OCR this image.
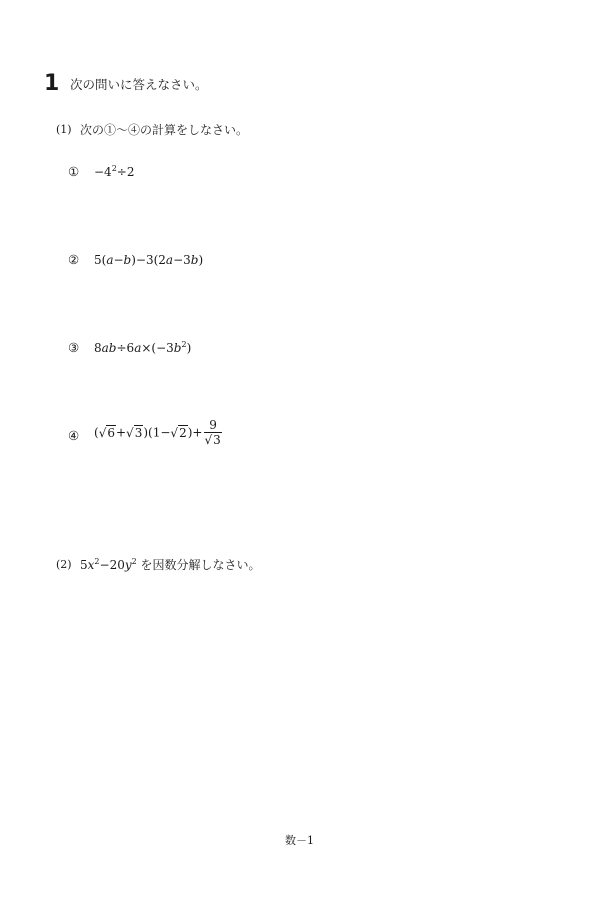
1 次の問いに答えなさい。
(1) 次の①～④の計算をしなさい。
① $-4^2\div 2$
② 5(a−b)−3(2a−3b)
③ $8ab\div 6a\times(-3b^2)$
④ $(√6+√3)(1-√2)+ \frac{9}{√3}$
(2) $5x^2-20y^2$ を因数分解しなさい。
数－1
